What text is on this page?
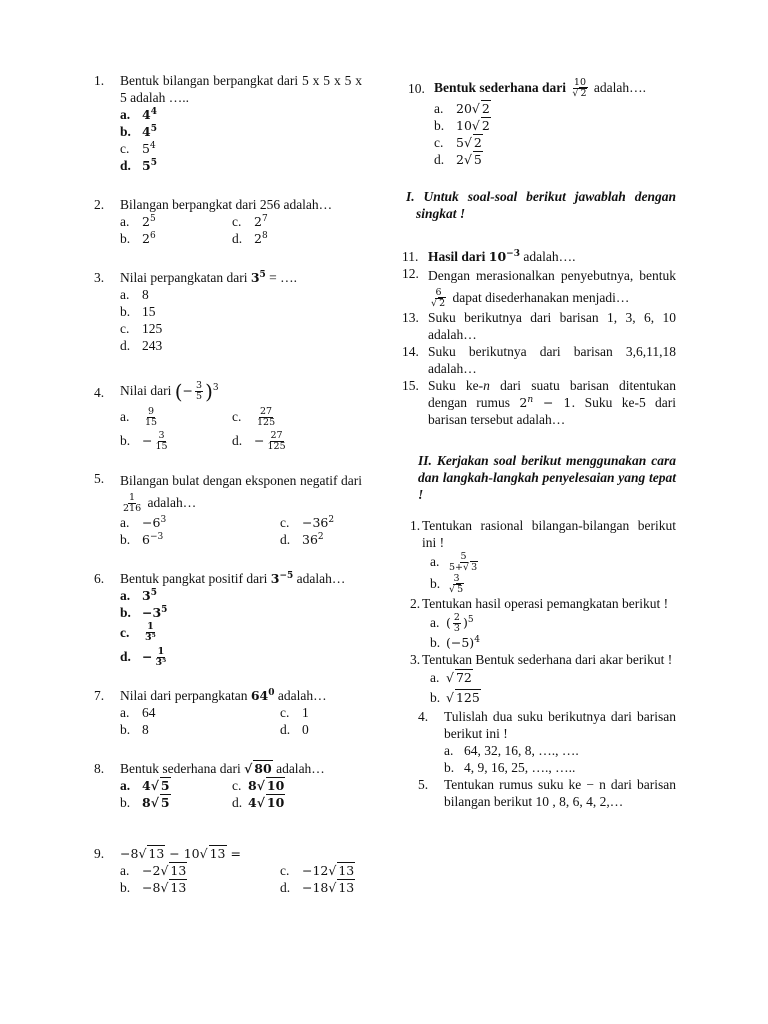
1. Bentuk bilangan berpangkat dari 5 x 5 x 5 x 5 adalah …..
a. $4^4$
b. $4^5$
c.	$5^4$
d. $5^5$
2. Bilangan berpangkat dari 256 adalah…
a.	$2^5$	c.	$2^7$
b. $2^6$	d. $2^8$
3. Nilai perpangkatan dari $3^5$ = ….
a. 8
b. 15
c. 125
d. 243
4. Nilai dari (− $\frac{3}{5} )^3$
a.	$\frac{9}{15}$	c.	$\frac{27}{125}$
b. − $\frac{3}{15}$	d. − $\frac{27}{125}$
5. Bilangan bulat dengan eksponen negatif dari
$\frac{1}{216}$ adalah…
a.	$-6^3$	c.	$-36^2$
b. $6^{-3}$	d. $36^2$
6. Bentuk pangkat positif dari $3^{-5}$ adalah…
a. $3^5$
b. $-3^5$
c.	$\frac{1}{\text{3⁵}}$
d. − $\frac{1}{\text{3⁵}}$
7. Nilai dari perpangkatan $64^0$ adalah…
a. 64	c. 1
b. 8	d. 0
8. Bentuk sederhana dari √ 80 adalah…
a. 4√ 5	c. 8√ 10
b. 8√ 5	d. 4√ 10
9. −8√ 13 − 10√ 13 =
a.	−2√ 13	c.	−12√ 13
b. −8√ 13	d. −18√ 13
10. Bentuk sederhana dari $\frac{10}{√ 2}$ adalah….
a.	20√ 2
b. 10√ 2
c.	5√ 2
d. 2√ 5
I. Untuk soal-soal berikut jawablah dengan singkat !
11. Hasil dari $10^{-3}$ adalah….
12. Dengan merasionalkan penyebutnya, bentuk
$\frac{6}{√ 2}$ dapat disederhanakan menjadi…
13. Suku berikutnya dari barisan 1, 3, 6, 10 adalah…
14. Suku berikutnya dari barisan 3,6,11,18 adalah…
15. Suku ke-n dari suatu barisan ditentukan dengan rumus $2^n - 1$. Suku ke-5 dari barisan tersebut adalah…
II. Kerjakan soal berikut menggunakan cara dan langkah-langkah penyelesaian yang tepat !
1. Tentukan rasional bilangan-bilangan berikut ini !
a. $\frac{5}{5+√ 3}$
b. $\frac{3}{√ 5}$
2. Tentukan hasil operasi pemangkatan berikut !
a. ( $\frac{2}{3} )^5$
b. $(-5)^4$
3. Tentukan Bentuk sederhana dari akar berikut !
a. √ 72
b. √ 125
4. Tulislah dua suku berikutnya dari barisan berikut ini !
a. 64, 32, 16, 8, …., ….
b. 4, 9, 16, 25, …., …..
5. Tentukan rumus suku ke − n dari barisan bilangan berikut 10 , 8, 6, 4, 2,…
